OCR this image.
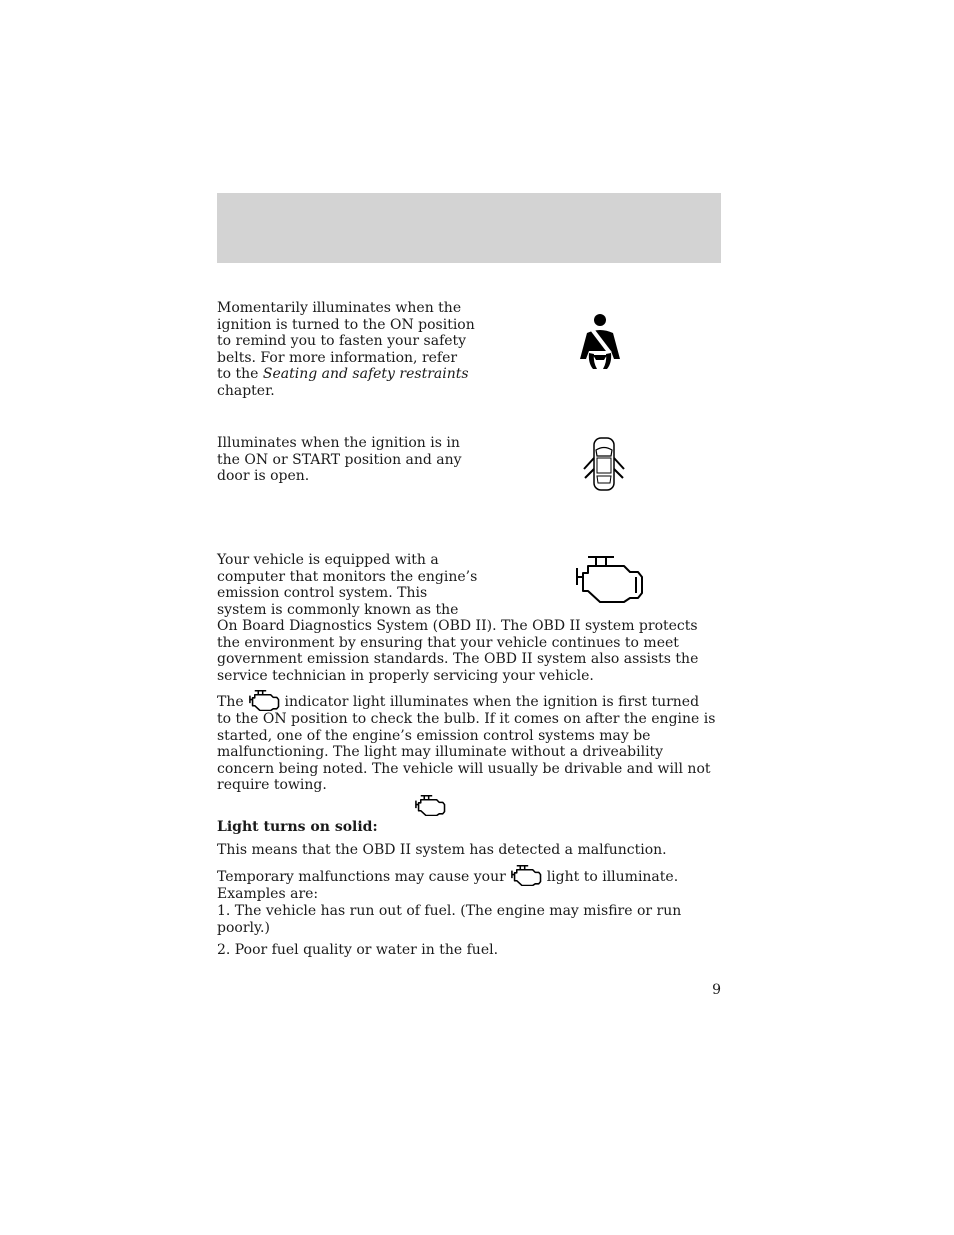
Momentarily illuminates when the ignition is turned to the ON position to remind you to fasten your safety belts. For more information, refer to the Seating and safety restraints chapter.

Illuminates when the ignition is in the ON or START position and any door is open.

Your vehicle is equipped with a
computer that monitors the engine’s
emission control system. This
system is commonly known as the
On Board Diagnostics System (OBD II). The OBD II system protects the environment by ensuring that your vehicle continues to meet government emission standards. The OBD II system also assists the service technician in properly servicing your vehicle.

The	indicator light illuminates when the ignition is first turned to the ON position to check the bulb. If it comes on after the engine is started, one of the engine’s emission control systems may be malfunctioning. The light may illuminate without a driveability concern being noted. The vehicle will usually be drivable and will not require towing.

Light turns on solid:

This means that the OBD II system has detected a malfunction.

Temporary malfunctions may cause your	light to illuminate.
Examples are:

1. The vehicle has run out of fuel. (The engine may misfire or run poorly.)

2. Poor fuel quality or water in the fuel.

9
